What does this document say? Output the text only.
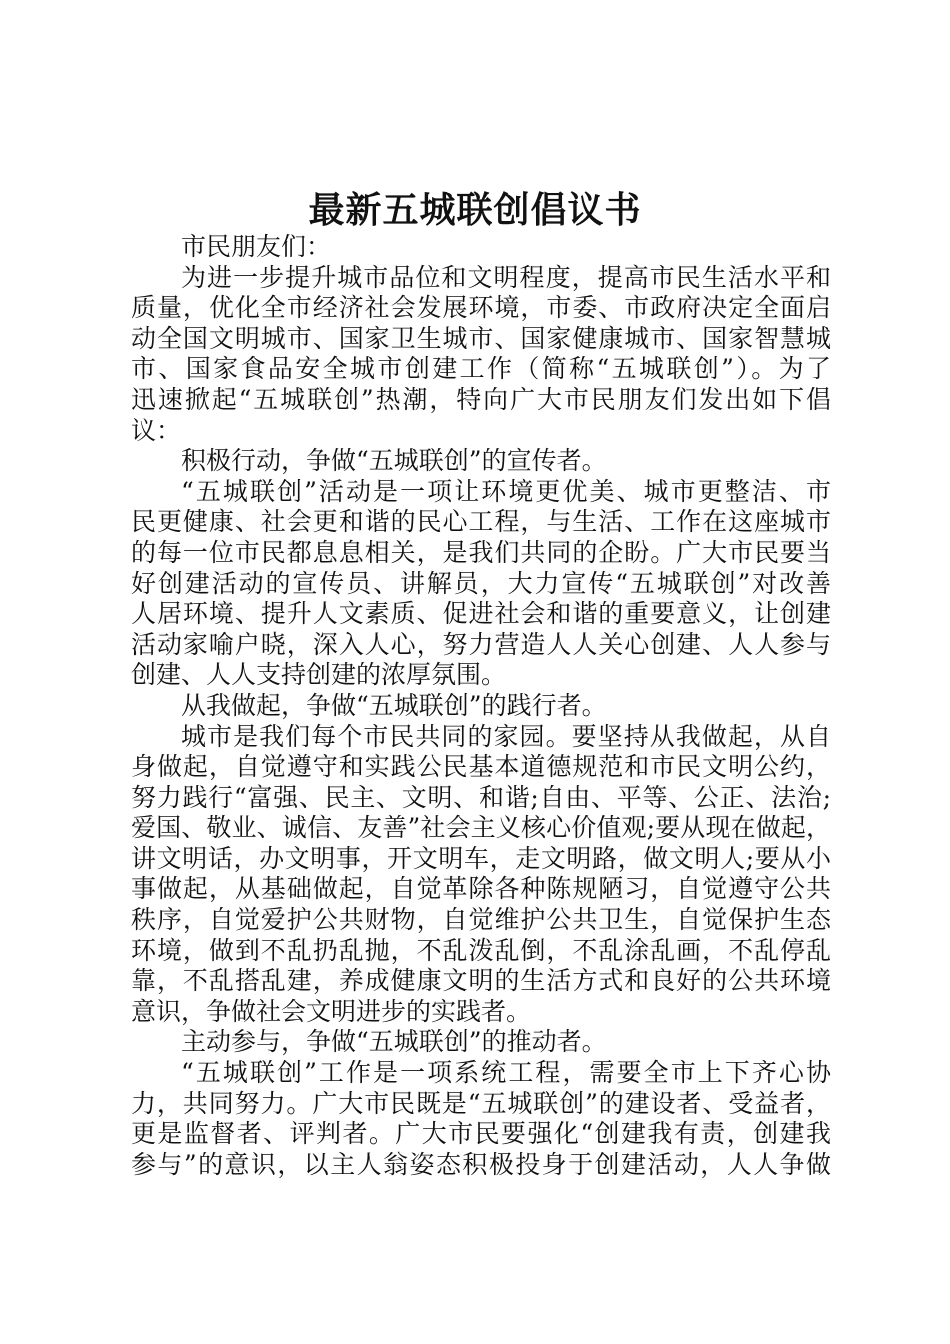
最新五城联创倡议书
市民朋友们：
为进一步提升城市品位和文明程度，提高市民生活水平和
质量，优化全市经济社会发展环境，市委、市政府决定全面启
动全国文明城市、国家卫生城市、国家健康城市、国家智慧城
市、国家食品安全城市创建工作（简称“五城联创”）。为了
迅速掀起“五城联创”热潮，特向广大市民朋友们发出如下倡
议：
积极行动，争做“五城联创”的宣传者。
“五城联创”活动是一项让环境更优美、城市更整洁、市
民更健康、社会更和谐的民心工程，与生活、工作在这座城市
的每一位市民都息息相关，是我们共同的企盼。广大市民要当
好创建活动的宣传员、讲解员，大力宣传“五城联创”对改善
人居环境、提升人文素质、促进社会和谐的重要意义，让创建
活动家喻户晓，深入人心，努力营造人人关心创建、人人参与
创建、人人支持创建的浓厚氛围。
从我做起，争做“五城联创”的践行者。
城市是我们每个市民共同的家园。要坚持从我做起，从自
身做起，自觉遵守和实践公民基本道德规范和市民文明公约，
努力践行“富强、民主、文明、和谐;自由、平等、公正、法治;
爱国、敬业、诚信、友善”社会主义核心价值观;要从现在做起，
讲文明话，办文明事，开文明车，走文明路，做文明人;要从小
事做起，从基础做起，自觉革除各种陈规陋习，自觉遵守公共
秩序，自觉爱护公共财物，自觉维护公共卫生，自觉保护生态
环境，做到不乱扔乱抛，不乱泼乱倒，不乱涂乱画，不乱停乱
靠，不乱搭乱建，养成健康文明的生活方式和良好的公共环境
意识，争做社会文明进步的实践者。
主动参与，争做“五城联创”的推动者。
“五城联创”工作是一项系统工程，需要全市上下齐心协
力，共同努力。广大市民既是“五城联创”的建设者、受益者，
更是监督者、评判者。广大市民要强化“创建我有责，创建我
参与”的意识，以主人翁姿态积极投身于创建活动，人人争做
